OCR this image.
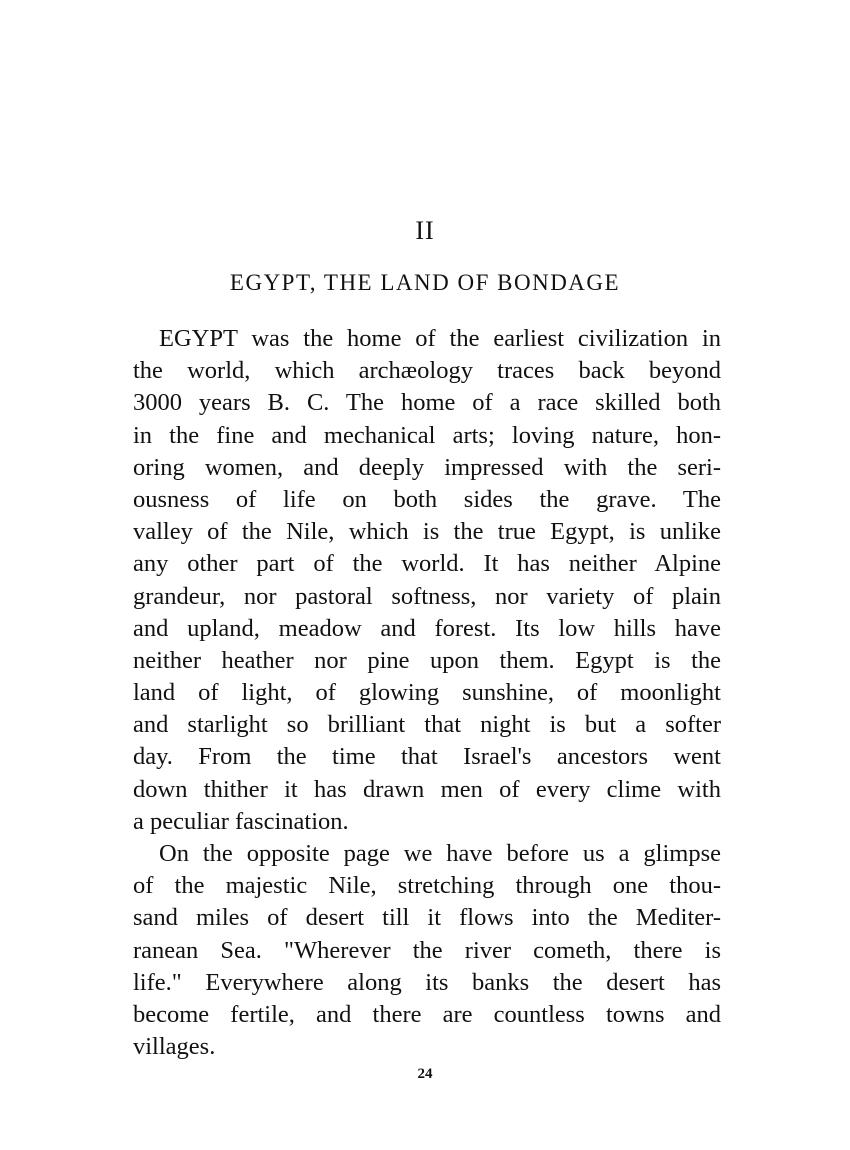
II
EGYPT, THE LAND OF BONDAGE
EGYPT was the home of the earliest civilization in
the world, which archæology traces back beyond
3000 years B. C. The home of a race skilled both
in the fine and mechanical arts; loving nature, hon-
oring women, and deeply impressed with the seri-
ousness of life on both sides the grave. The
valley of the Nile, which is the true Egypt, is unlike
any other part of the world. It has neither Alpine
grandeur, nor pastoral softness, nor variety of plain
and upland, meadow and forest. Its low hills have
neither heather nor pine upon them. Egypt is the
land of light, of glowing sunshine, of moonlight
and starlight so brilliant that night is but a softer
day. From the time that Israel's ancestors went
down thither it has drawn men of every clime with
a peculiar fascination.
On the opposite page we have before us a glimpse
of the majestic Nile, stretching through one thou-
sand miles of desert till it flows into the Mediter-
ranean Sea. "Wherever the river cometh, there is
life." Everywhere along its banks the desert has
become fertile, and there are countless towns and
villages.
24
